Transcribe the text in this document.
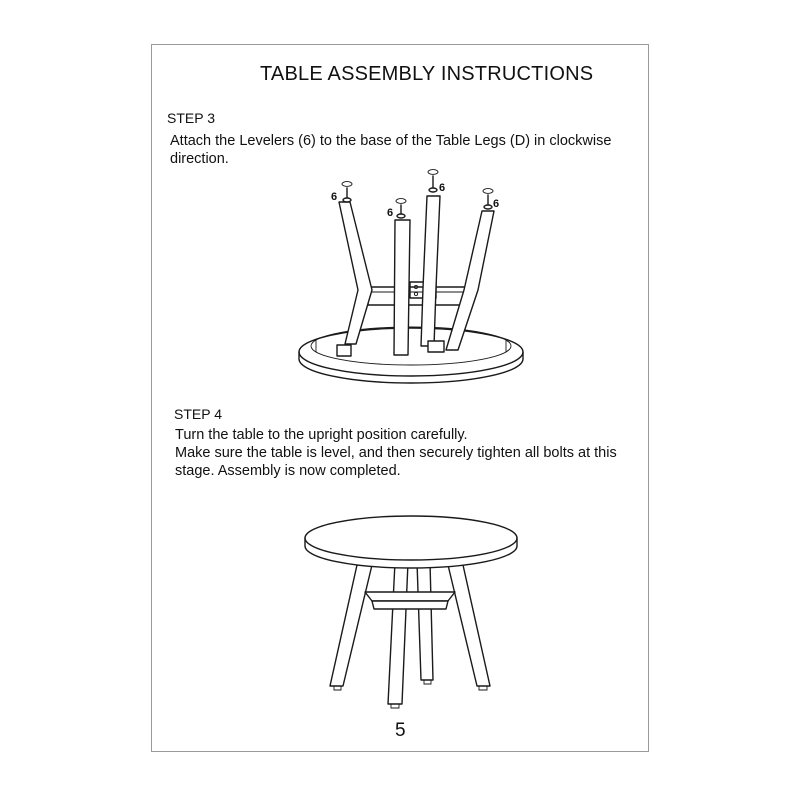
TABLE ASSEMBLY INSTRUCTIONS
STEP 3
Attach the Levelers (6) to the base of the Table Legs (D) in clockwise
direction.
6
6
6
6
STEP 4
Turn the table to the upright position carefully.
Make sure the table is level, and then securely tighten all bolts at this
stage. Assembly is now completed.
5
